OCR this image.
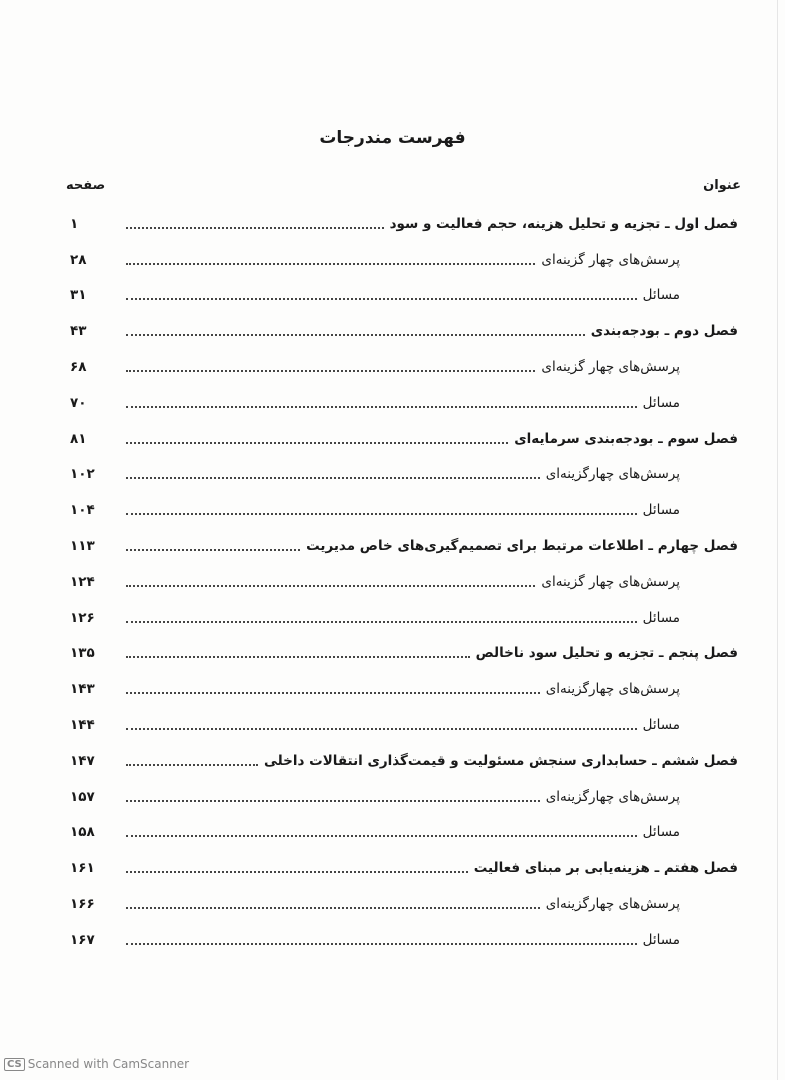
فهرست مندرجات
عنوان
صفحه
فصل اول ـ تجزیه و تحلیل هزینه، حجم فعالیت و سود
۱
پرسش‌های چهار گزینه‌ای
۲۸
مسائل
۳۱
فصل دوم ـ بودجه‌بندی
۴۳
پرسش‌های چهار گزینه‌ای
۶۸
مسائل
۷۰
فصل سوم ـ بودجه‌بندی سرمایه‌ای
۸۱
پرسش‌های چهارگزینه‌ای
۱۰۲
مسائل
۱۰۴
فصل چهارم ـ اطلاعات مرتبط برای تصمیم‌گیری‌های خاص مدیریت
۱۱۳
پرسش‌های چهار گزینه‌ای
۱۲۴
مسائل
۱۲۶
فصل پنجم ـ تجزیه و تحلیل سود ناخالص
۱۳۵
پرسش‌های چهارگزینه‌ای
۱۴۳
مسائل
۱۴۴
فصل ششم ـ حسابداری سنجش مسئولیت و قیمت‌گذاری انتقالات داخلی
۱۴۷
پرسش‌های چهارگزینه‌ای
۱۵۷
مسائل
۱۵۸
فصل هفتم ـ هزینه‌یابی بر مبنای فعالیت
۱۶۱
پرسش‌های چهارگزینه‌ای
۱۶۶
مسائل
۱۶۷
CS Scanned with CamScanner
